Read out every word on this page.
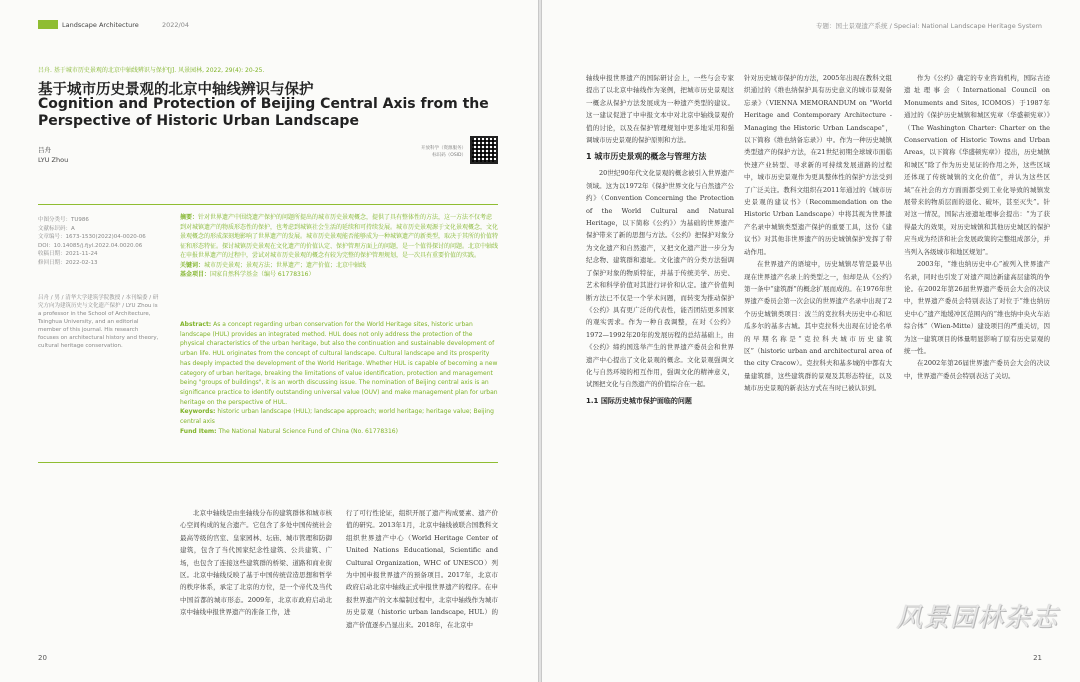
Landscape Architecture	2022/04
吕舟. 基于城市历史景观的北京中轴线辨识与保护[J]. 风景园林, 2022, 29(4): 20-25.
基于城市历史景观的北京中轴线辨识与保护
Cognition and Protection of Beijing Central Axis from the Perspective of Historic Urban Landscape
吕舟
LYU Zhou
开放科学（资源服务）标识码（OSID）
中图分类号：TU986
文献标识码：A
文章编号：1673-1530(2022)04-0020-06
DOI：10.14085/j.fjyl.2022.04.0020.06
收稿日期：2021-11-24
修回日期：2022-02-13
吕舟 / 男 / 清华大学建筑学院教授 / 本刊编委 / 研究方向为建筑历史与文化遗产保护 / LYU Zhou is a professor in the School of Architecture, Tsinghua University, and an editorial member of this journal. His research focuses on architectural history and theory, cultural heritage conservation.
摘要：针对世界遗产中围绕遗产保护的问题所提出的城市历史景观概念，提供了具有整体性的方法，这一方法不仅考虑到对城镇遗产的物质形态性的保护，也考虑到城镇社会生活的延续和可持续发展。城市历史景观源于文化景观概念，文化景观概念的形成深刻地影响了世界遗产的发展。城市历史景观能否能够成为一种城镇遗产的新类型，取决于其所的价值特征和形态特征。探讨城镇历史景观在文化遗产的价值认定、保护管理方面上的问题，是一个值得探讨的问题。北京中轴线在申报世界遗产的过程中，尝试对城市历史景观的概念有较为完整的保护管理规划，是一次具有重要价值的实践。
关键词：城市历史景观；景观方法；世界遗产；遗产价值；北京中轴线
基金项目：国家自然科学基金（编号 61778316）
Abstract: As a concept regarding urban conservation for the World Heritage sites, historic urban landscape (HUL) provides an integrated method. HUL does not only address the protection of the physical characteristics of the urban heritage, but also the continuation and sustainable development of urban life. HUL originates from the concept of cultural landscape. Cultural landscape and its prosperity has deeply impacted the development of the World Heritage. Whether HUL is capable of becoming a new category of urban heritage, breaking the limitations of value identification, protection and management being "groups of buildings", it is an worth discussing issue. The nomination of Beijing central axis is an significance practice to identify outstanding universal value (OUV) and make management plan for urban heritage on the perspective of HUL.
Keywords: historic urban landscape (HUL); landscape approach; world heritage; heritage value; Beijing central axis
Fund Item: The National Natural Science Fund of China (No. 61778316)

北京中轴线是由坐轴线分布的建筑群体和城市核心空间构成的复合遗产。它包含了多处中国传统社会最高等级的官室、皇家园林、坛庙、城市管理和防御建筑，包含了当代国家纪念性建筑、公共建筑、广场，也包含了连接这些建筑群的桥梁、道路和商业街区。北京中轴线反映了基于中国传统营造思想和哲学的秩序体系，承定了北京的方位，是一个帝代及当代中国首都的城市形态。2009年，北京市政府启动北京中轴线申报世界遗产的准备工作，进

行了可行性论证，组织开展了遗产构成要素、遗产价值的研究。2013年1月，北京中轴线被联合国教科文组织世界遗产中心（World Heritage Center of United Nations Educational, Scientific and Cultural Organization, WHC of UNESCO）列为中国申报世界遗产的预备项目。2017年，北京市政府启动北京中轴线正式申报世界遗产的程序。在申报世界遗产的文本编制过程中，北京中轴线作为城市历史景观（historic urban landscape, HUL）的遗产价值逐步凸显出来。2018年，在北京中

20
专题：国土景观遗产系统 / Special: National Landscape Heritage System

轴线申报世界遗产的国际研讨会上，一些与会专家提出了以北京中轴线作为案例，把城市历史景观这一概念从保护方法发展成为一种遗产类型的建议。这一建议促进了中申报文本中对北京中轴线景观价值的讨论，以及在保护管理规划中更多地采用和强调城市历史景观的保护原则和方法。

1 城市历史景观的概念与管理方法

20世纪90年代文化景观的概念被引入世界遗产领域。这为以1972年《保护世界文化与自然遗产公约》（Convention Concerning the Protection of the World Cultural and Natural Heritage，以下简称《公约》）为基础的世界遗产保护带来了新的思想与方法。《公约》把保护对象分为文化遗产和自然遗产，又把文化遗产进一步分为纪念物、建筑群和遗址。文化遗产的分类方法强调了保护对象的物质特征，并基于传统美学、历史、艺术和科学价值对其进行评价和认定。遗产价值判断方法已不仅是一个学术问题，而转变为推动保护《公约》具有更广泛的代表性，能否团结更多国家的观实需求。作为一种自我调整，在对《公约》1972—1992年20年的发展历程的总结基础上，由《公约》缔约国选举产生的世界遗产委员会和世界遗产中心提出了文化景观的概念。文化景观强调文化与自然环境的相互作用，强调文化的精神意义，试图把文化与自然遗产的价值综合在一起。

1.1 国际历史城市保护面临的问题

针对历史城市保护的方法，2005年出现在教科文组织通过的《维也纳保护具有历史意义的城市景观备忘录》（VIENNA MEMORANDUM on "World Heritage and Contemporary Architecture - Managing the Historic Urban Landscape"，以下简称《维也纳备忘录》）中。作为一种历史城镇类型遗产的保护方法，在21世纪初期全球城市面临快速产业转型、寻求新的可持续发展道路的过程中，城市历史景观作为更具整体性的保护方法受到了广泛关注。教科文组织在2011年通过的《城市历史景观的建议书》（Recommendation on the Historic Urban Landscape）中将其视为世界遗产名录中城镇类型遗产保护的重要工具，这份《建议书》对其他非世界遗产的历史城镇保护发挥了带动作用。

在世界遗产的语境中，历史城镇尽管是最早出现在世界遗产名录上的类型之一，但却是从《公约》第一条中“建筑群”的概念扩展而成的。在1976年世界遗产委员会第一次会议的世界遗产名录中出现了2个历史城镇类项目：波兰的克拉科夫历史中心和厄瓜多尔的基多古城。其中克拉科夫出现在讨论名单的早期名称是“克拉科夫城市历史建筑区”（historic urban and architectural area of the city Cracow）。克拉科夫和基多城的中都有大量建筑群，这些建筑群的景观及其形态特征，以及城市历史景观的新表达方式在当时已被认识到。

作为《公约》确定的专业咨询机构，国际古迹遗址理事会（International Council on Monuments and Sites, ICOMOS）于1987年通过的《保护历史城镇和城区宪章（华盛顿宪章）》（The Washington Charter: Charter on the Conservation of Historic Towns and Urban Areas，以下简称《华盛顿宪章》）提出，历史城镇和城区“除了作为历史见证的作用之外，这些区域还体现了传统城镇的文化价值”，并认为这些区域“在社会的方方面面都受到工业化导致的城镇发展带来的物质层面的退化、破坏，甚至灭失”。针对这一情况，国际古迹遗址理事会提出：“为了获得最大的效果，对历史城镇和其他历史城区的保护应当成为经济和社会发展政策的完整组成部分，并当列入各级城市和地区规划”。

2003年，“维也纳历史中心”被列入世界遗产名录，同时也引发了对遗产周边新建高层建筑的争论。在2002年第26届世界遗产委员会大会的决议中，世界遗产委员会特别表达了对位于“维也纳历史中心”遗产地缓冲区范围内的“维也纳中央火车站综合体”（Wien-Mitte）建设项目的严重关切，因为这一建筑项目的体量明显影响了原有历史景观的统一性。

在2002年第26届世界遗产委员会大会的决议中，世界遗产委员会特别表达了关切。

风景园林杂志
21
